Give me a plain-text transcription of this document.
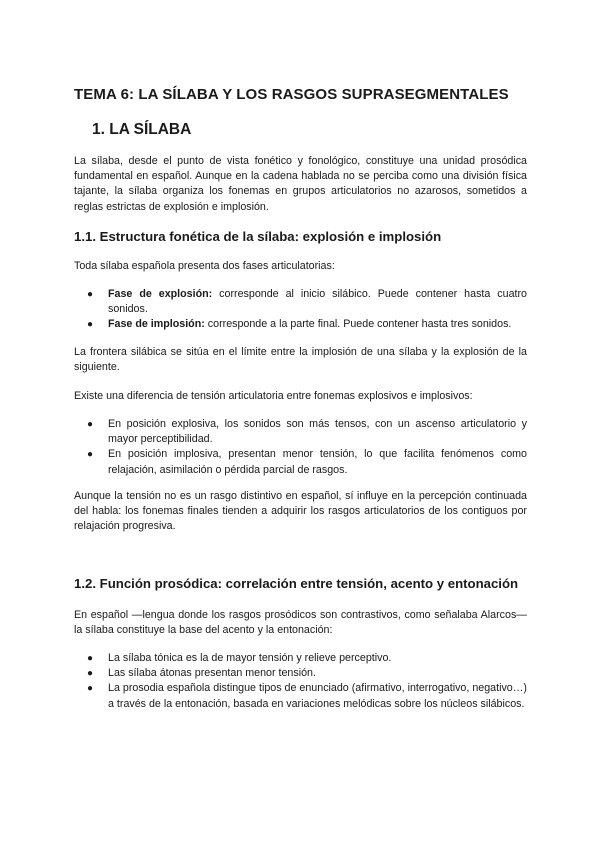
TEMA 6: LA SÍLABA Y LOS RASGOS SUPRASEGMENTALES
1. LA SÍLABA

La sílaba, desde el punto de vista fonético y fonológico, constituye una unidad prosódica fundamental en español. Aunque en la cadena hablada no se perciba como una división física tajante, la sílaba organiza los fonemas en grupos articulatorios no azarosos, sometidos a reglas estrictas de explosión e implosión.

1.1. Estructura fonética de la sílaba: explosión e implosión

Toda sílaba española presenta dos fases articulatorias:

● Fase de explosión: corresponde al inicio silábico. Puede contener hasta cuatro sonidos.
● Fase de implosión: corresponde a la parte final. Puede contener hasta tres sonidos.

La frontera silábica se sitúa en el límite entre la implosión de una sílaba y la explosión de la siguiente.

Existe una diferencia de tensión articulatoria entre fonemas explosivos e implosivos:

● En posición explosiva, los sonidos son más tensos, con un ascenso articulatorio y mayor perceptibilidad.
● En posición implosiva, presentan menor tensión, lo que facilita fenómenos como relajación, asimilación o pérdida parcial de rasgos.

Aunque la tensión no es un rasgo distintivo en español, sí influye en la percepción continuada del habla: los fonemas finales tienden a adquirir los rasgos articulatorios de los contiguos por relajación progresiva.

1.2. Función prosódica: correlación entre tensión, acento y entonación

En español —lengua donde los rasgos prosódicos son contrastivos, como señalaba Alarcos— la sílaba constituye la base del acento y la entonación:

● La sílaba tónica es la de mayor tensión y relieve perceptivo.
● Las sílaba átonas presentan menor tensión.
● La prosodia española distingue tipos de enunciado (afirmativo, interrogativo, negativo…) a través de la entonación, basada en variaciones melódicas sobre los núcleos silábicos.
